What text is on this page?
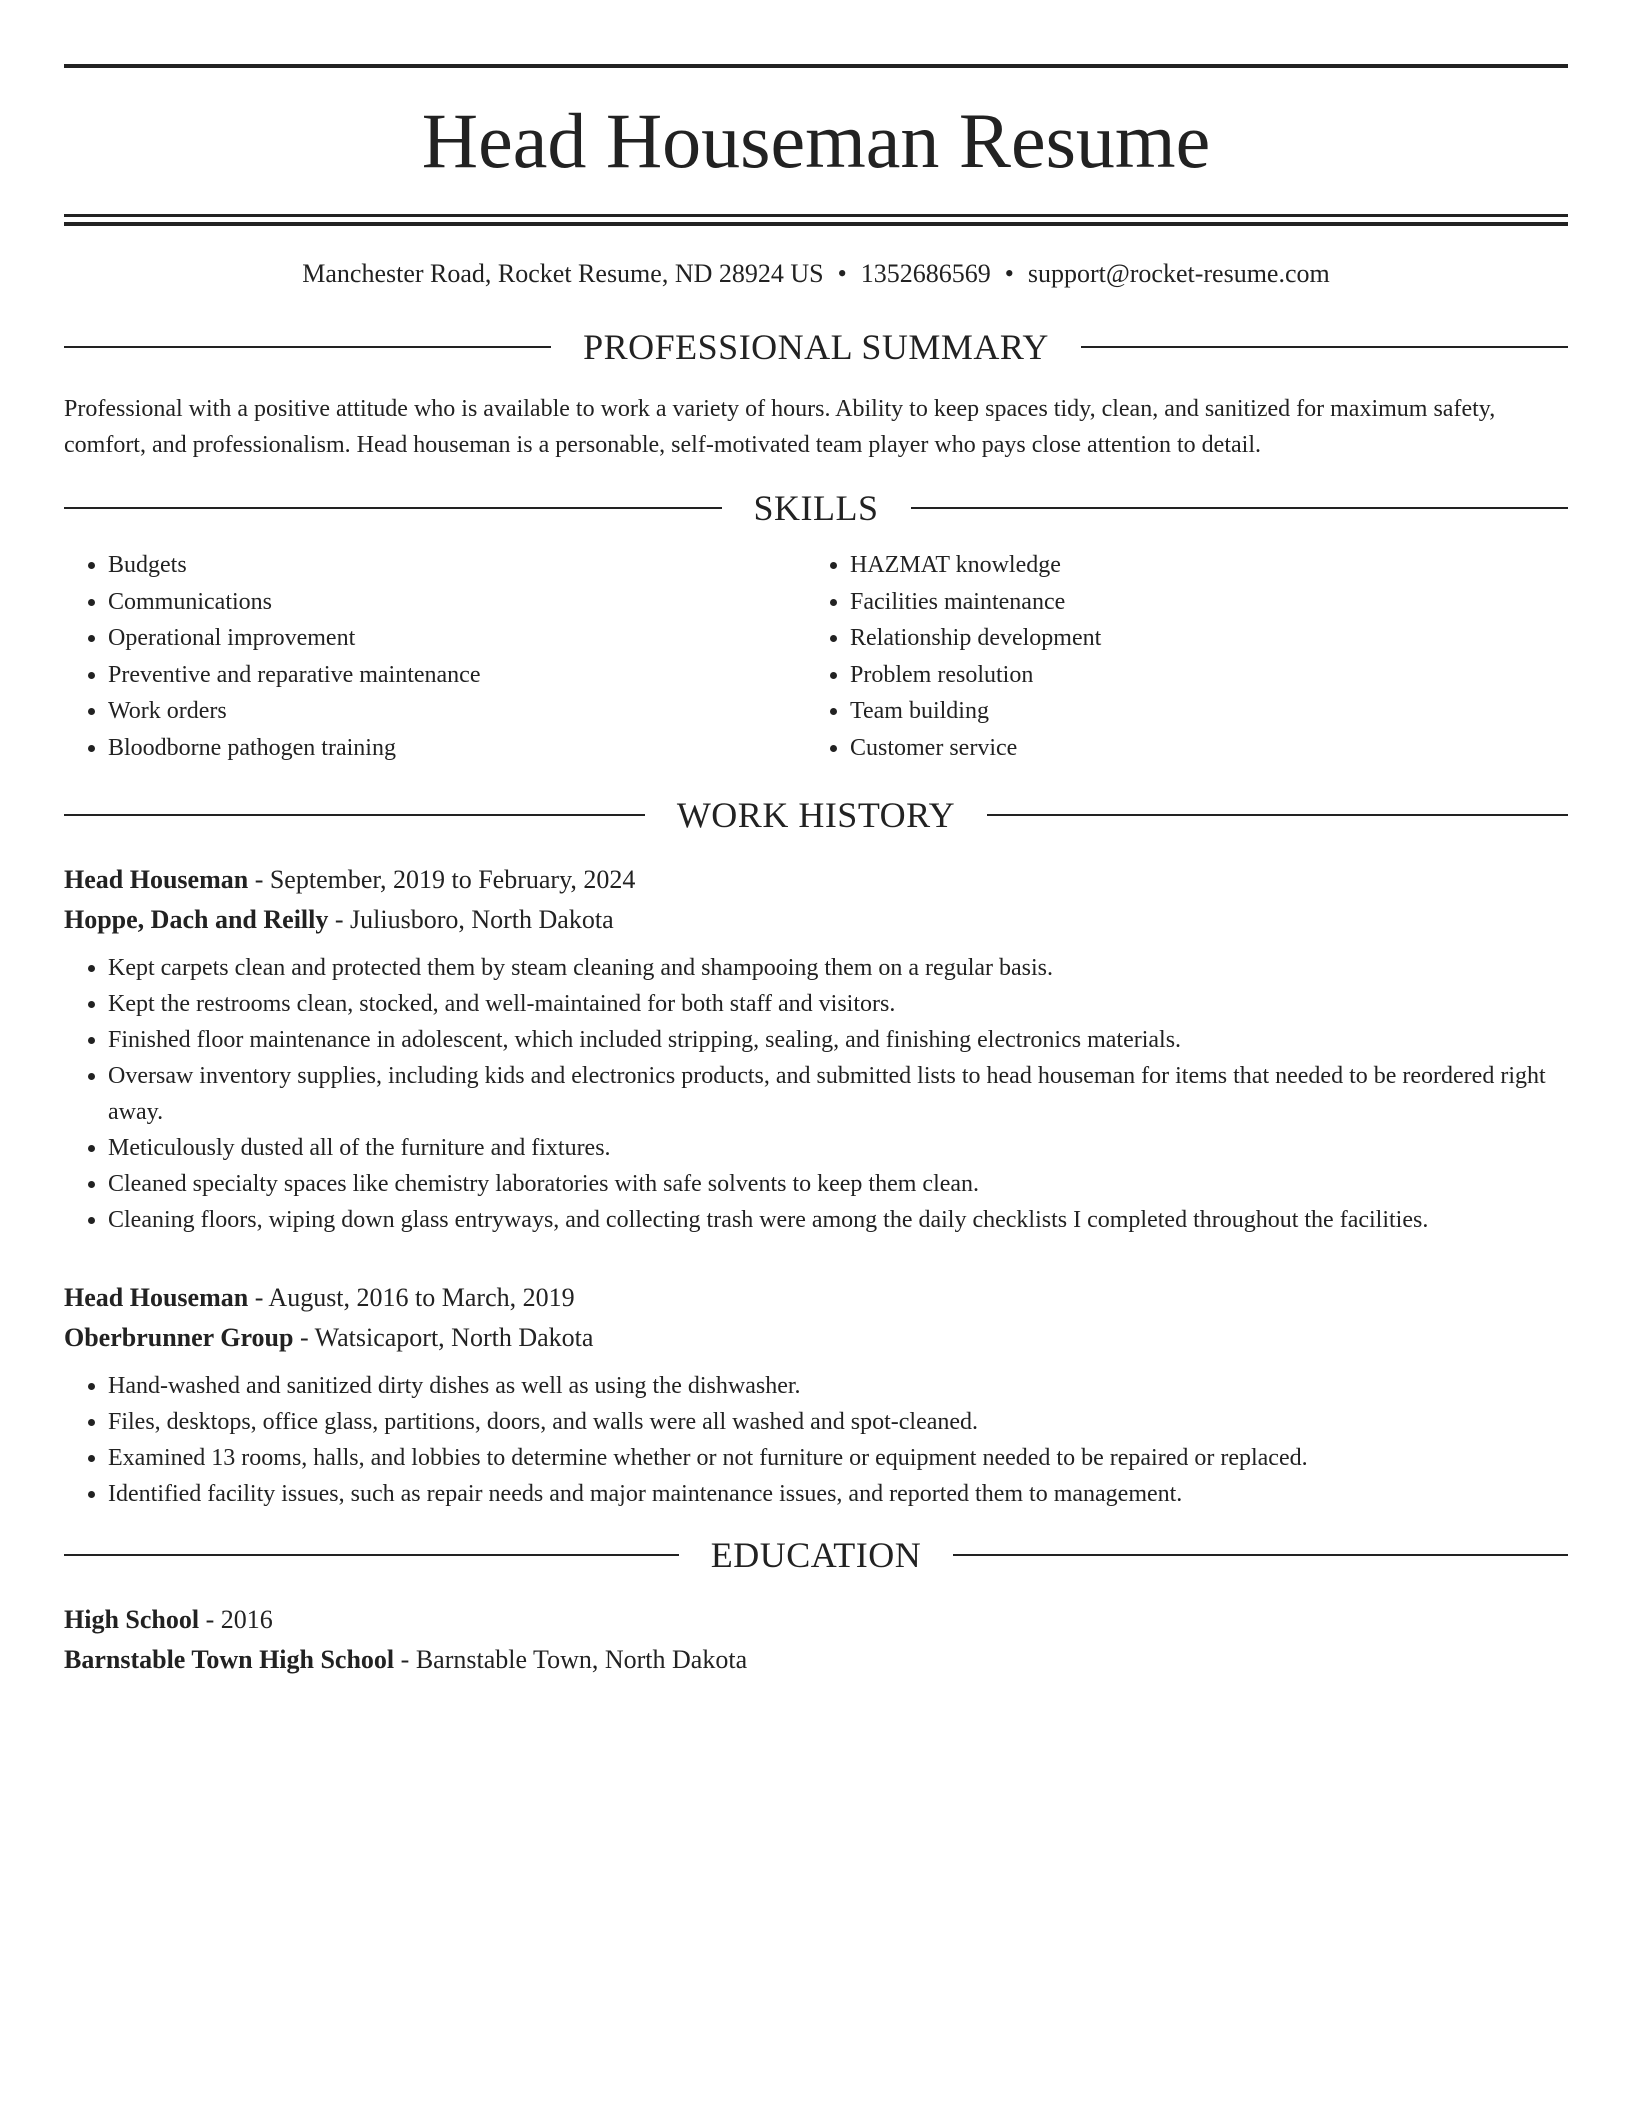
Head Houseman Resume
Manchester Road, Rocket Resume, ND 28924 US • 1352686569 • support@rocket-resume.com
PROFESSIONAL SUMMARY
Professional with a positive attitude who is available to work a variety of hours. Ability to keep spaces tidy, clean, and sanitized for maximum safety, comfort, and professionalism. Head houseman is a personable, self-motivated team player who pays close attention to detail.
SKILLS
• Budgets
• Communications
• Operational improvement
• Preventive and reparative maintenance
• Work orders
• Bloodborne pathogen training
• HAZMAT knowledge
• Facilities maintenance
• Relationship development
• Problem resolution
• Team building
• Customer service
WORK HISTORY
Head Houseman - September, 2019 to February, 2024
Hoppe, Dach and Reilly - Juliusboro, North Dakota
• Kept carpets clean and protected them by steam cleaning and shampooing them on a regular basis.
• Kept the restrooms clean, stocked, and well-maintained for both staff and visitors.
• Finished floor maintenance in adolescent, which included stripping, sealing, and finishing electronics materials.
• Oversaw inventory supplies, including kids and electronics products, and submitted lists to head houseman for items that needed to be reordered right away.
• Meticulously dusted all of the furniture and fixtures.
• Cleaned specialty spaces like chemistry laboratories with safe solvents to keep them clean.
• Cleaning floors, wiping down glass entryways, and collecting trash were among the daily checklists I completed throughout the facilities.
Head Houseman - August, 2016 to March, 2019
Oberbrunner Group - Watsicaport, North Dakota
• Hand-washed and sanitized dirty dishes as well as using the dishwasher.
• Files, desktops, office glass, partitions, doors, and walls were all washed and spot-cleaned.
• Examined 13 rooms, halls, and lobbies to determine whether or not furniture or equipment needed to be repaired or replaced.
• Identified facility issues, such as repair needs and major maintenance issues, and reported them to management.
EDUCATION
High School - 2016
Barnstable Town High School - Barnstable Town, North Dakota
